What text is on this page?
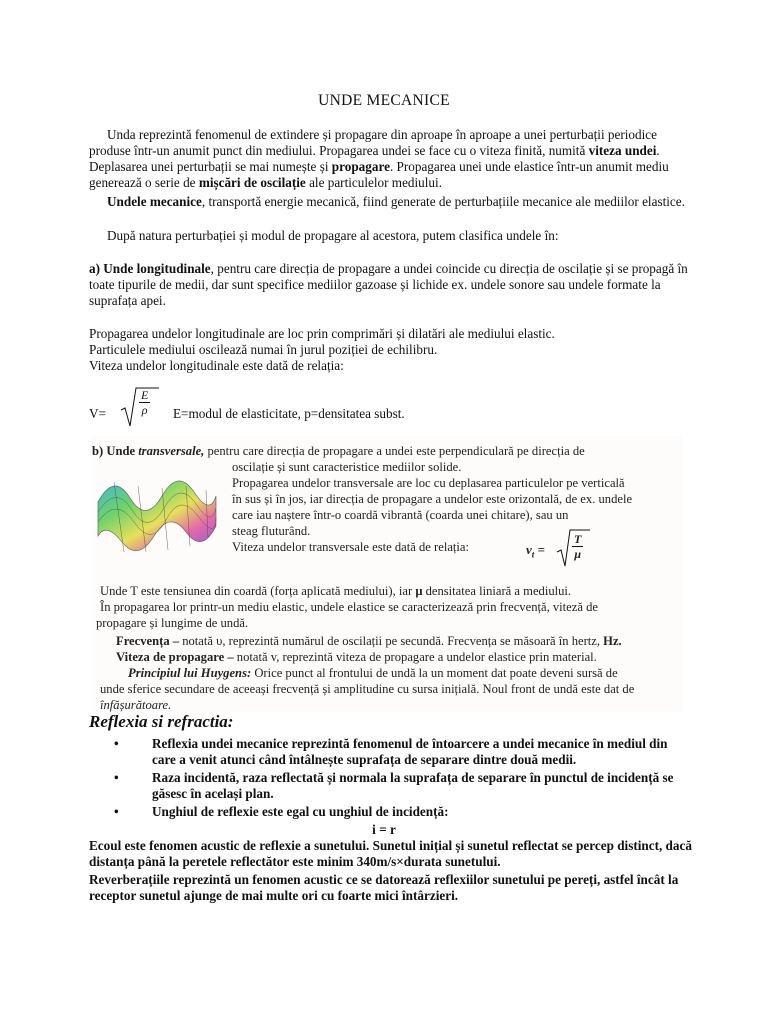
UNDE MECANICE

Unda reprezintă fenomenul de extindere și propagare din aproape în aproape a unei perturbații periodice produse într-un anumit punct din mediului. Propagarea undei se face cu o viteza finită, numită viteza undei. Deplasarea unei perturbații se mai numește și propagare. Propagarea unei unde elastice într-un anumit mediu generează o serie de mișcări de oscilație ale particulelor mediului.

Undele mecanice, transportă energie mecanică, fiind generate de perturbațiile mecanice ale mediilor elastice.

După natura perturbației și modul de propagare al acestora, putem clasifica undele în:

a) Unde longitudinale, pentru care direcția de propagare a undei coincide cu direcția de oscilație și se propagă în toate tipurile de medii, dar sunt specifice mediilor gazoase și lichide ex. undele sonore sau undele formate la suprafața apei.

Propagarea undelor longitudinale are loc prin comprimări și dilatări ale mediului elastic.

Particulele mediului oscilează numai în jurul poziției de echilibru.

Viteza undelor longitudinale este dată de relația:

V=	$\frac{E}{\rho}$ E=modul de elasticitate, p=densitatea subst.

b) Unde transversale, pentru care direcția de propagare a undei este perpendiculară pe direcția de

oscilație și sunt caracteristice mediilor solide.

Propagarea undelor transversale are loc cu deplasarea particulelor pe verticală

în sus și în jos, iar direcția de propagare a undelor este orizontală, de ex. undele

care iau naștere într-o coardă vibrantă (coarda unei chitare), sau un

steag fluturând.

Viteza undelor transversale este dată de relația:	$v_t = \frac{T}{\mu}$

Unde T este tensiunea din coardă (forța aplicată mediului), iar μ densitatea liniară a mediului.

În propagarea lor printr-un mediu elastic, undele elastice se caracterizează prin frecvență, viteză de

propagare și lungime de undă.

Frecvența – notată υ, reprezintă numărul de oscilații pe secundă. Frecvența se măsoară în hertz, Hz.

Viteza de propagare – notată v, reprezintă viteza de propagare a undelor elastice prin material.

Principiul lui Huygens: Orice punct al frontului de undă la un moment dat poate deveni sursă de

unde sferice secundare de aceeași frecvență și amplitudine cu sursa inițială. Noul front de undă este dat de

înfășurătoare.

Reflexia si refractia:

•	Reflexia undei mecanice reprezintă fenomenul de întoarcere a undei mecanice în mediul din care a venit atunci când întâlnește suprafața de separare dintre două medii.
•	Raza incidentă, raza reflectată și normala la suprafața de separare în punctul de incidență se găsesc în același plan.
•	Unghiul de reflexie este egal cu unghiul de incidență:

i = r

Ecoul este fenomen acustic de reflexie a sunetului. Sunetul inițial și sunetul reflectat se percep distinct, dacă distanța până la peretele reflectător este minim 340m/s×durata sunetului.

Reverberațiile reprezintă un fenomen acustic ce se datorează reflexiilor sunetului pe pereți, astfel încât la receptor sunetul ajunge de mai multe ori cu foarte mici întârzieri.
